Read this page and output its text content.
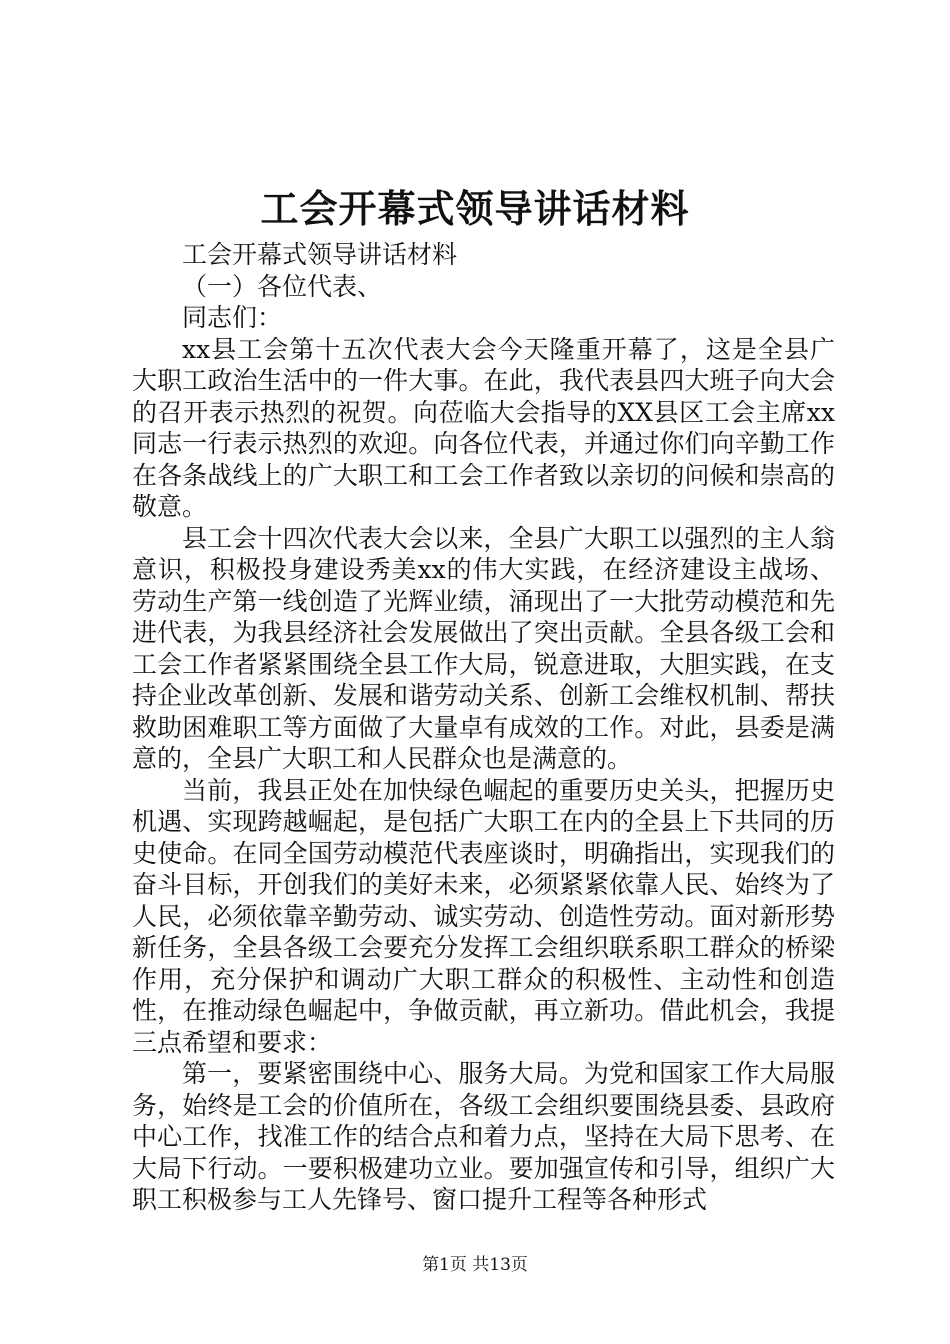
工会开幕式领导讲话材料

工会开幕式领导讲话材料

（一）各位代表、

同志们：

xx县工会第十五次代表大会今天隆重开幕了，这是全县广大职工政治生活中的一件大事。在此，我代表县四大班子向大会的召开表示热烈的祝贺。向莅临大会指导的XX县区工会主席xx同志一行表示热烈的欢迎。向各位代表，并通过你们向辛勤工作在各条战线上的广大职工和工会工作者致以亲切的问候和崇高的敬意。

县工会十四次代表大会以来，全县广大职工以强烈的主人翁意识，积极投身建设秀美xx的伟大实践，在经济建设主战场、劳动生产第一线创造了光辉业绩，涌现出了一大批劳动模范和先进代表，为我县经济社会发展做出了突出贡献。全县各级工会和工会工作者紧紧围绕全县工作大局，锐意进取，大胆实践，在支持企业改革创新、发展和谐劳动关系、创新工会维权机制、帮扶救助困难职工等方面做了大量卓有成效的工作。对此，县委是满意的，全县广大职工和人民群众也是满意的。

当前，我县正处在加快绿色崛起的重要历史关头，把握历史机遇、实现跨越崛起，是包括广大职工在内的全县上下共同的历史使命。在同全国劳动模范代表座谈时，明确指出，实现我们的奋斗目标，开创我们的美好未来，必须紧紧依靠人民、始终为了人民，必须依靠辛勤劳动、诚实劳动、创造性劳动。面对新形势新任务，全县各级工会要充分发挥工会组织联系职工群众的桥梁作用，充分保护和调动广大职工群众的积极性、主动性和创造性，在推动绿色崛起中，争做贡献，再立新功。借此机会，我提三点希望和要求：

第一，要紧密围绕中心、服务大局。为党和国家工作大局服务，始终是工会的价值所在，各级工会组织要围绕县委、县政府中心工作，找准工作的结合点和着力点，坚持在大局下思考、在大局下行动。一要积极建功立业。要加强宣传和引导，组织广大职工积极参与工人先锋号、窗口提升工程等各种形式

第1页 共13页
